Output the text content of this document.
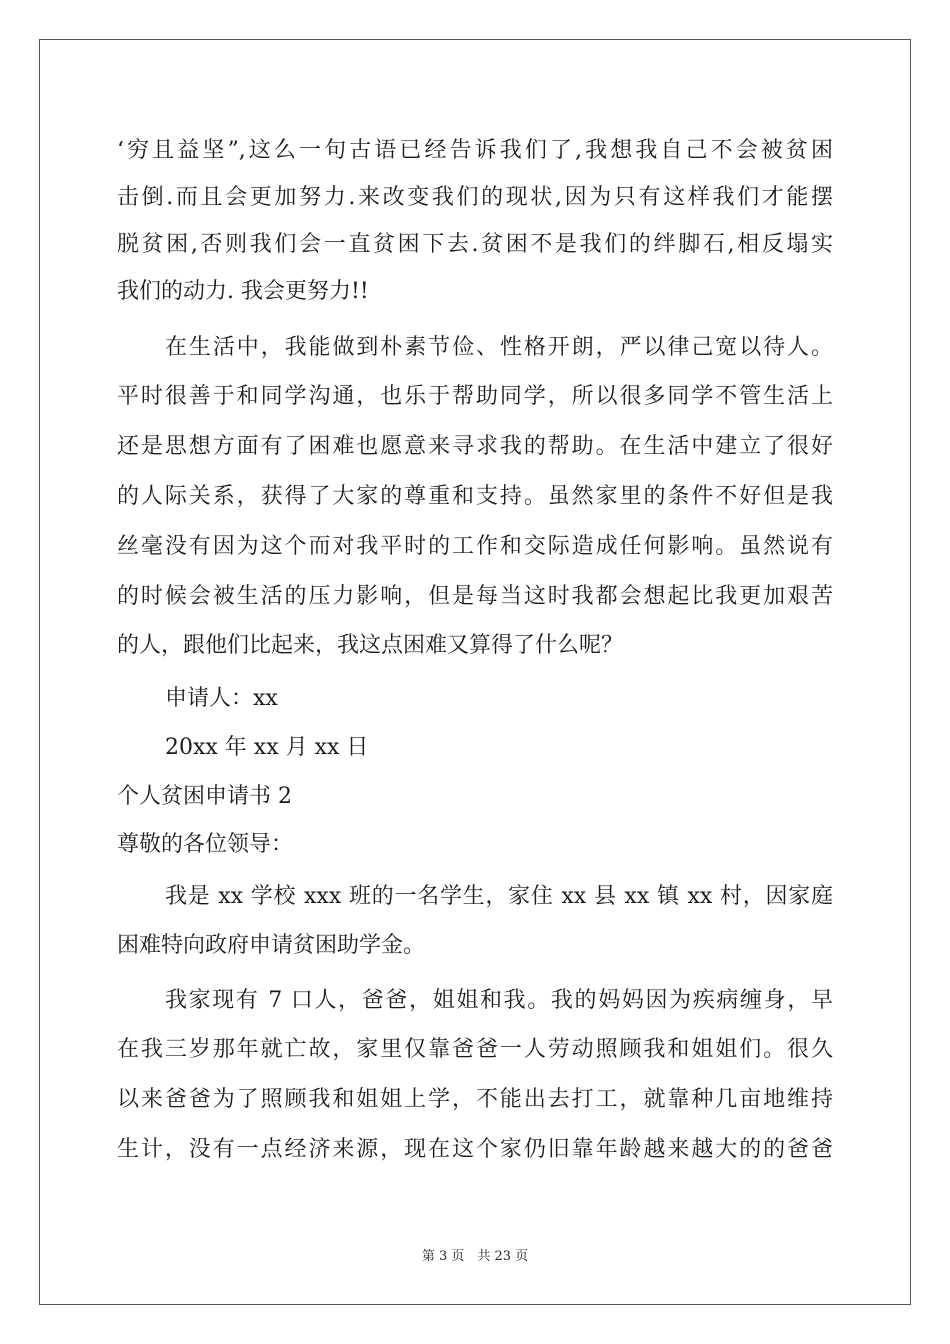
‘穷且益坚”,这么一句古语已经告诉我们了,我想我自己不会被贫困
击倒.而且会更加努力.来改变我们的现状,因为只有这样我们才能摆
脱贫困,否则我们会一直贫困下去.贫困不是我们的绊脚石,相反塌实
我们的动力. 我会更努力!!
在生活中，我能做到朴素节俭、性格开朗，严以律己宽以待人。
平时很善于和同学沟通，也乐于帮助同学，所以很多同学不管生活上
还是思想方面有了困难也愿意来寻求我的帮助。在生活中建立了很好
的人际关系，获得了大家的尊重和支持。虽然家里的条件不好但是我
丝毫没有因为这个而对我平时的工作和交际造成任何影响。虽然说有
的时候会被生活的压力影响，但是每当这时我都会想起比我更加艰苦
的人，跟他们比起来，我这点困难又算得了什么呢？
申请人：xx
20xx 年 xx 月 xx 日
个人贫困申请书 2
尊敬的各位领导：
我是 xx 学校 xxx 班的一名学生，家住 xx 县 xx 镇 xx 村，因家庭
困难特向政府申请贫困助学金。
我家现有 7 口人，爸爸，姐姐和我。我的妈妈因为疾病缠身，早
在我三岁那年就亡故，家里仅靠爸爸一人劳动照顾我和姐姐们。很久
以来爸爸为了照顾我和姐姐上学，不能出去打工，就靠种几亩地维持
生计，没有一点经济来源，现在这个家仍旧靠年龄越来越大的的爸爸
第 3 页　共 23 页
